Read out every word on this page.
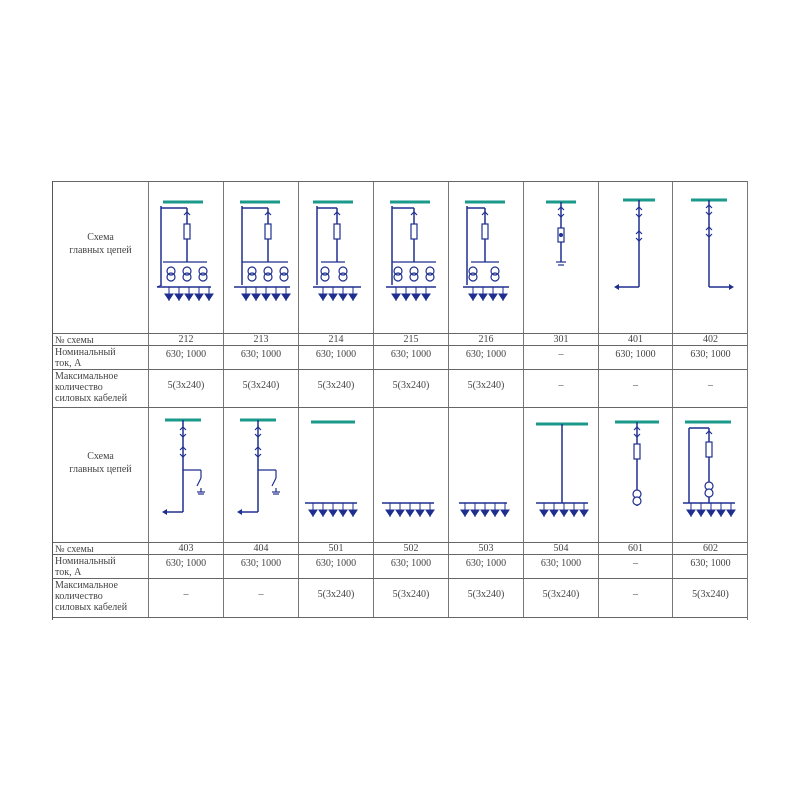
Схема
главных цепей
№ схемы	212	213	214	215	216	301	401	402
Номинальный
ток, А
630; 1000	630; 1000	630; 1000	630; 1000	630; 1000	–	630; 1000	630; 1000
Максимальное
количество
силовых кабелей
5(3x240)	5(3x240)	5(3x240)	5(3x240)	5(3x240)	–	–	–
Схема
главных цепей
№ схемы	403	404	501	502	503	504	601	602
Номинальный
ток, А
630; 1000	630; 1000	630; 1000	630; 1000	630; 1000	630; 1000	–	630; 1000
Максимальное
количество
силовых кабелей
–	–	5(3x240)	5(3x240)	5(3x240)	5(3x240)	–	5(3x240)
